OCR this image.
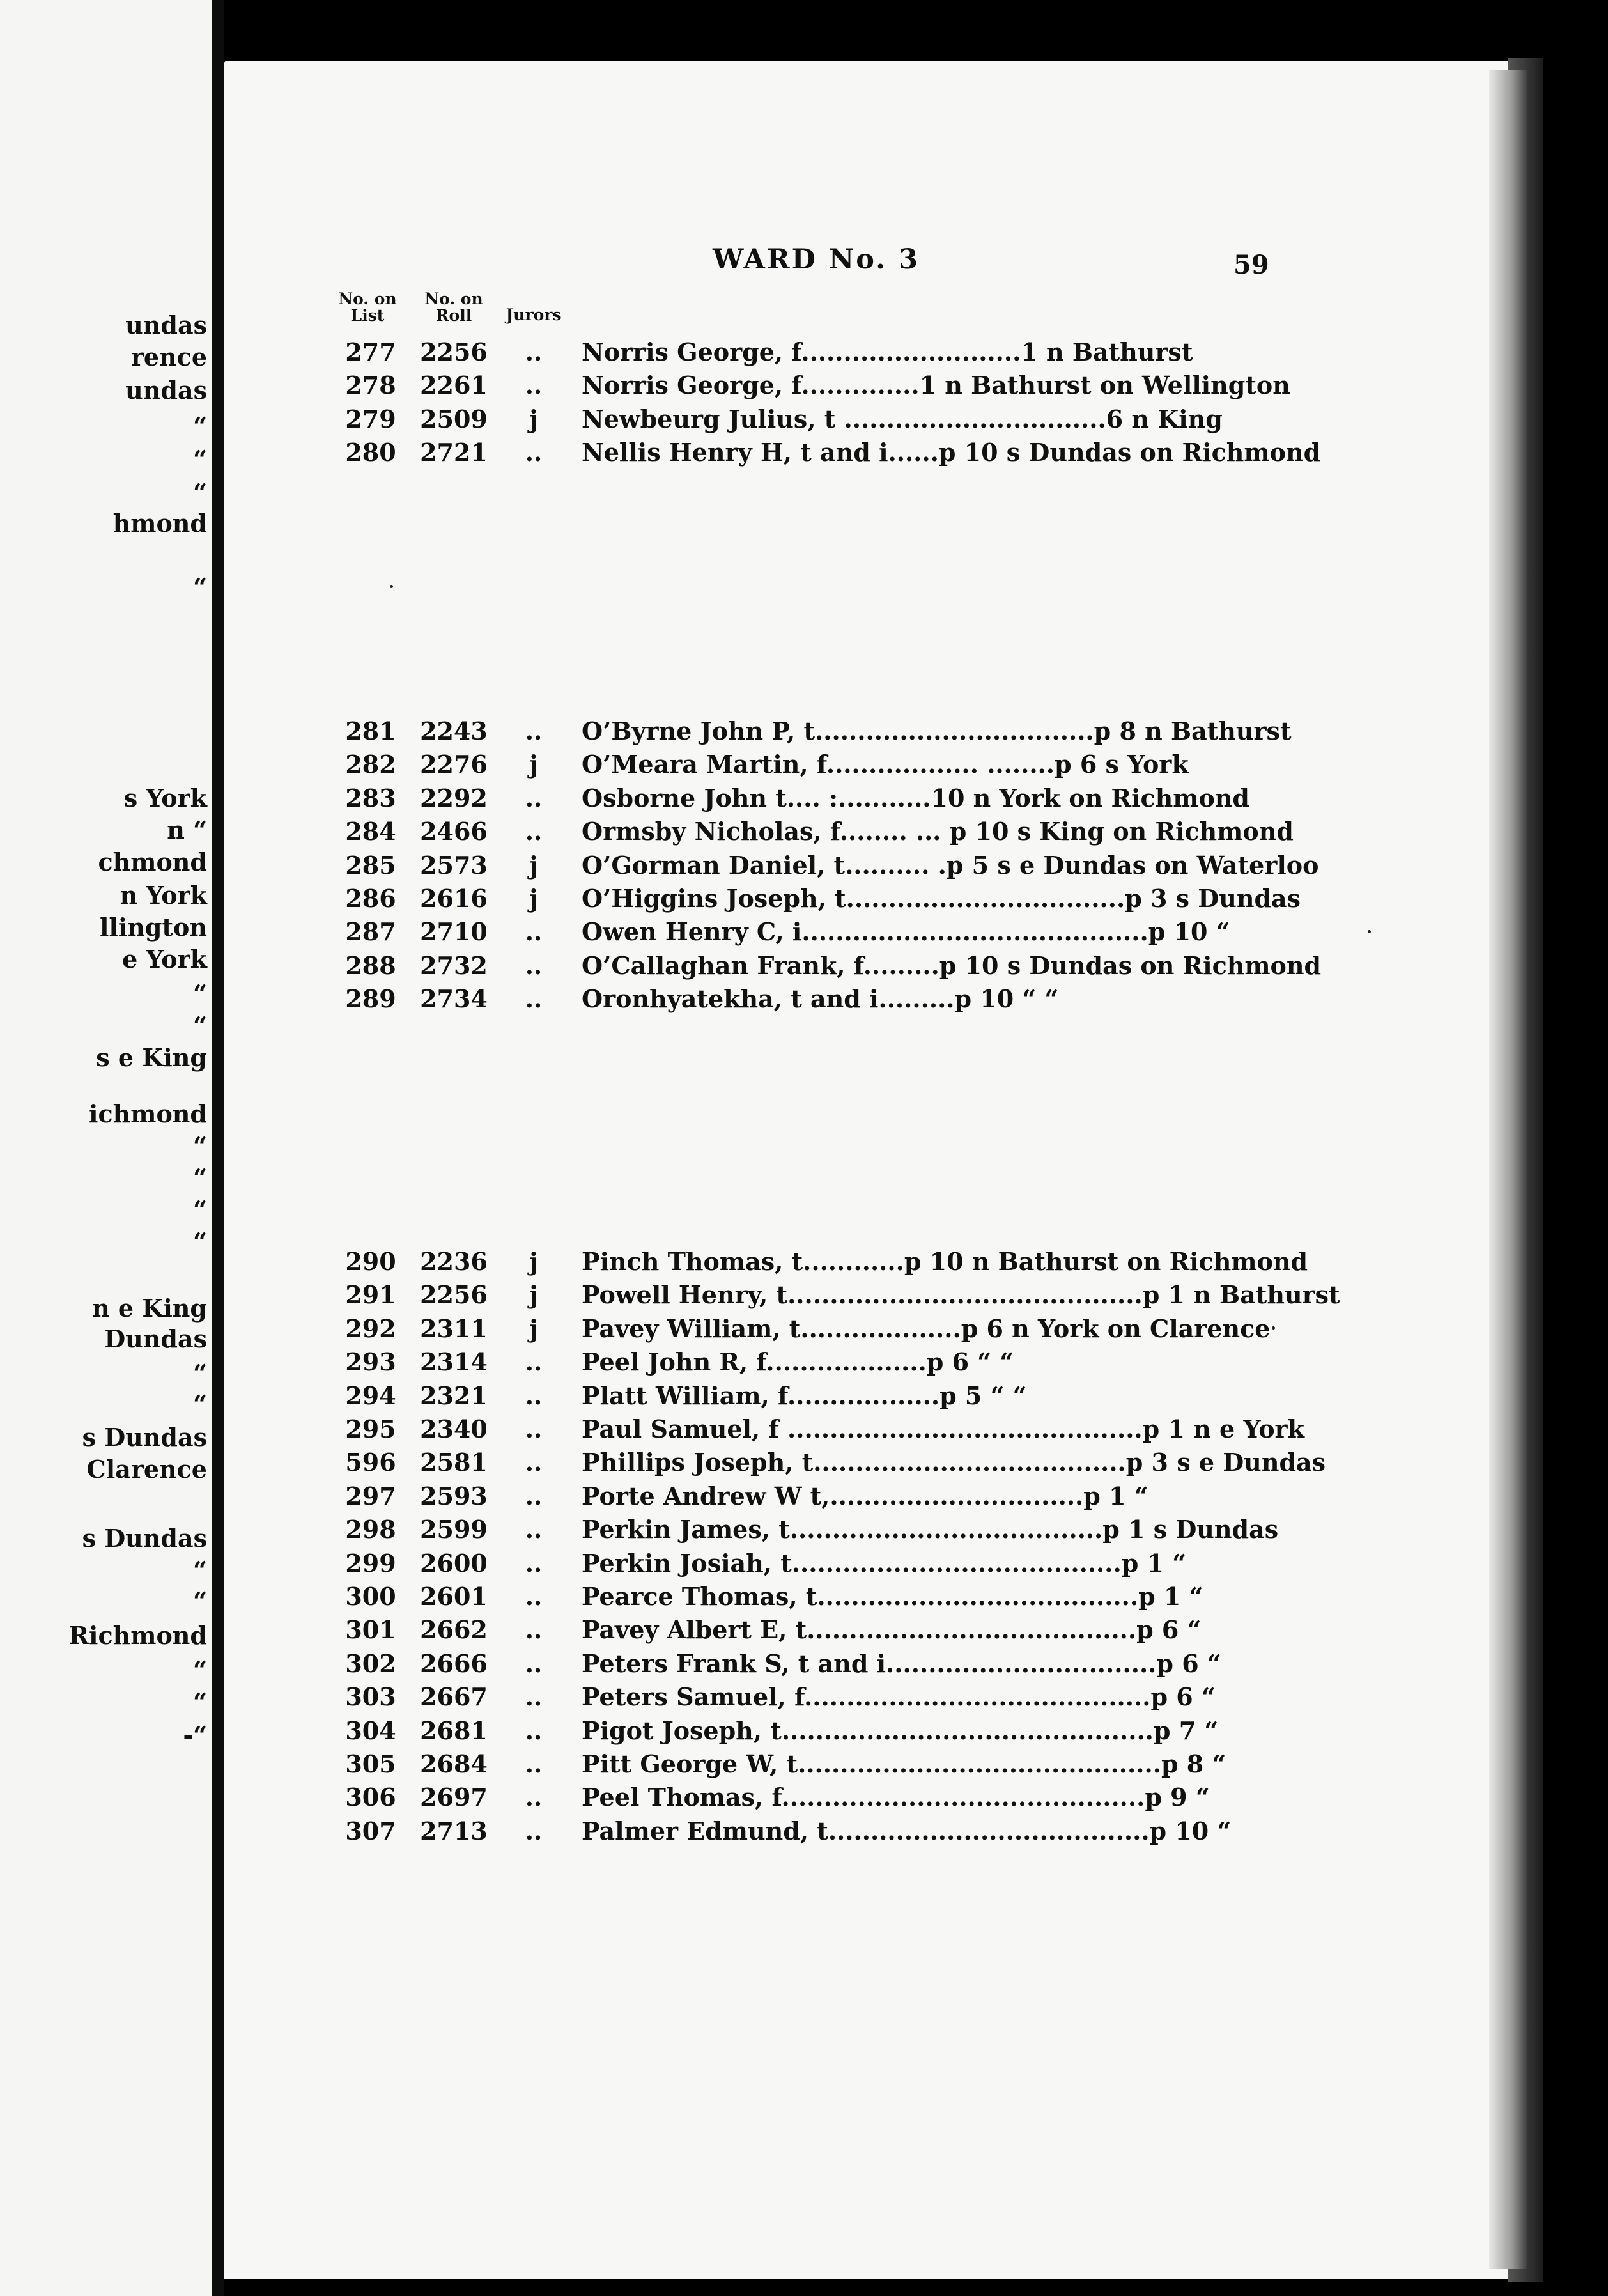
undas
rence
undas
“
“
“
hmond
“
s York
n “
chmond
n York
llington
e York
“
“
s e King
ichmond
“
“
“
“
n e King
Dundas
“
“
s Dundas
Clarence
s Dundas
“
“
Richmond
“
“
-“
WARD No. 3	59
No. on
List
No. on
Roll	Jurors
277 2256	..	Norris George, f..........................1 n Bathurst
278 2261	..	Norris George, f..............1 n Bathurst on Wellington
279 2509	j	Newbeurg Julius, t ...............................6 n King
280 2721	..	Nellis Henry H, t and i......p 10 s Dundas on Richmond
281 2243	..	O’Byrne John P, t.................................p 8 n Bathurst
282 2276	j	O’Meara Martin, f.................. ........p 6 s York
283 2292	..	Osborne John t.... :...........10 n York on Richmond
284 2466	..	Ormsby Nicholas, f........ ... p 10 s King on Richmond
285 2573	j	O’Gorman Daniel, t.......... .p 5 s e Dundas on Waterloo
286 2616	j	O’Higgins Joseph, t.................................p 3 s Dundas
287 2710	..	Owen Henry C, i.........................................p 10 “
288 2732	..	O’Callaghan Frank, f.........p 10 s Dundas on Richmond
289 2734	..	Oronhyatekha, t and i.........p 10 “ “
290 2236	j	Pinch Thomas, t............p 10 n Bathurst on Richmond
291 2256	j	Powell Henry, t..........................................p 1 n Bathurst
292 2311	j	Pavey William, t...................p 6 n York on Clarence
293 2314	..	Peel John R, f...................p 6 “ “
294 2321	..	Platt William, f..................p 5 “ “
295 2340	..	Paul Samuel, f ..........................................p 1 n e York
596 2581	..	Phillips Joseph, t.....................................p 3 s e Dundas
297 2593	..	Porte Andrew W t,..............................p 1 “
298 2599	..	Perkin James, t.....................................p 1 s Dundas
299 2600	..	Perkin Josiah, t.......................................p 1 “
300 2601	..	Pearce Thomas, t......................................p 1 “
301 2662	..	Pavey Albert E, t.......................................p 6 “
302 2666	..	Peters Frank S, t and i................................p 6 “
303 2667	..	Peters Samuel, f.........................................p 6 “
304 2681	..	Pigot Joseph, t............................................p 7 “
305 2684	..	Pitt George W, t...........................................p 8 “
306 2697	..	Peel Thomas, f...........................................p 9 “
307 2713	..	Palmer Edmund, t......................................p 10 “
